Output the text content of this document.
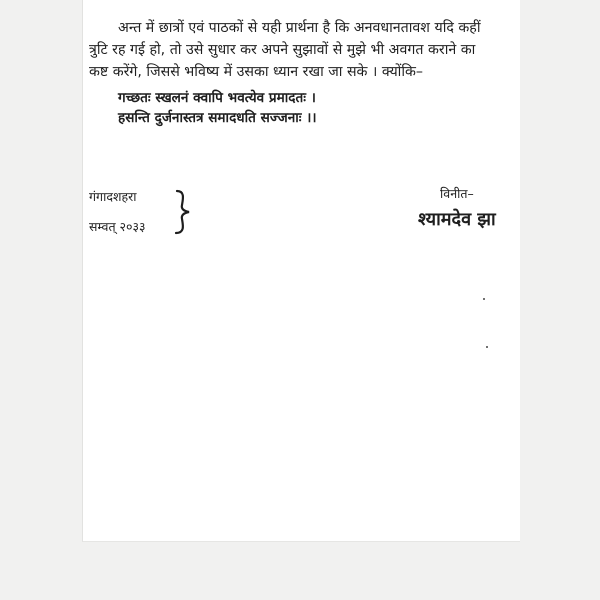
अन्त में छात्रों एवं पाठकों से यही प्रार्थना है कि अनवधानतावश यदि कहीं
त्रुटि रह गई हो, तो उसे सुधार कर अपने सुझावों से मुझे भी अवगत कराने का
कष्ट करेंगे, जिससे भविष्य में उसका ध्यान रखा जा सके । क्योंकि–
गच्छतः स्खलनं क्वापि भवत्येव प्रमादतः ।
हसन्ति दुर्जनास्तत्र समादधति सज्जनाः ।।
गंगादशहरा
सम्वत् २०३३
विनीत–
श्यामदेव झा
